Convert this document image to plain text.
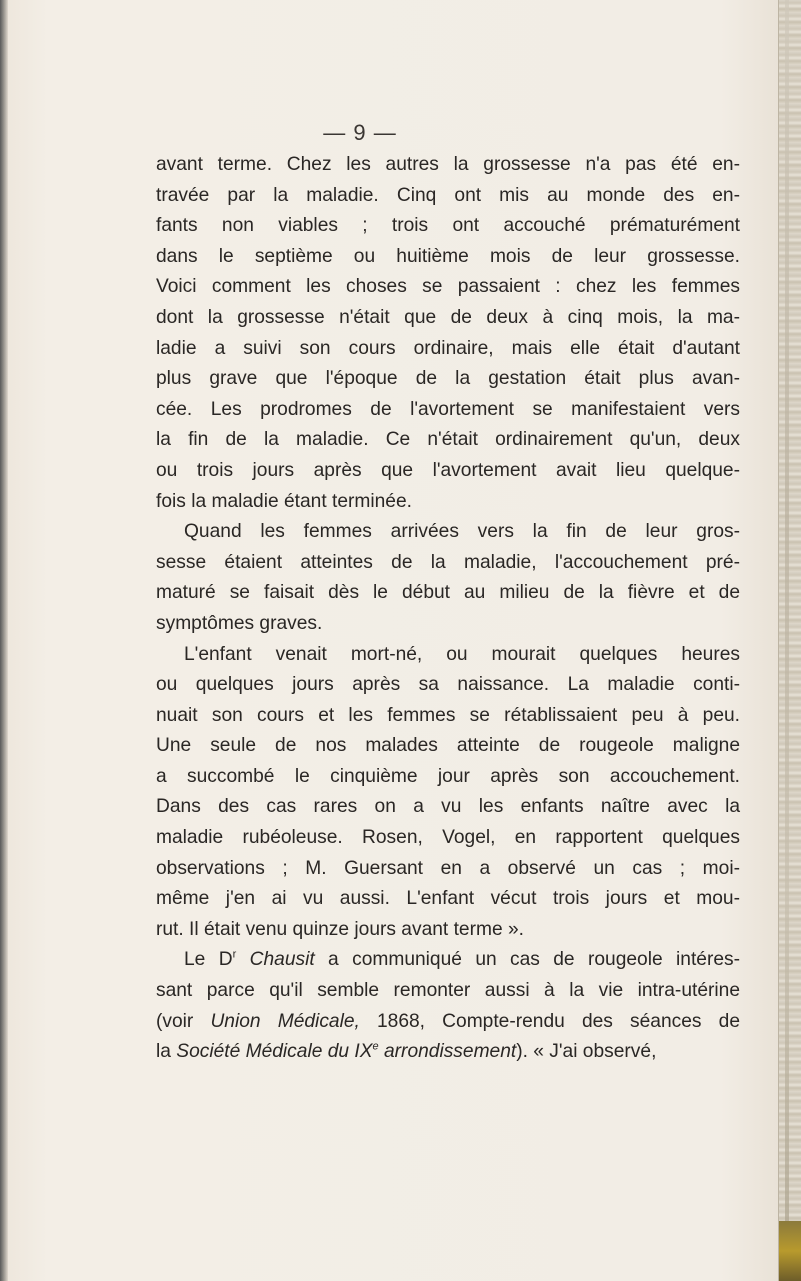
— 9 —
avant terme. Chez les autres la grossesse n'a pas été en-
travée par la maladie. Cinq ont mis au monde des en-
fants non viables ; trois ont accouché prématurément
dans le septième ou huitième mois de leur grossesse.
Voici comment les choses se passaient : chez les femmes
dont la grossesse n'était que de deux à cinq mois, la ma-
ladie a suivi son cours ordinaire, mais elle était d'autant
plus grave que l'époque de la gestation était plus avan-
cée. Les prodromes de l'avortement se manifestaient vers
la fin de la maladie. Ce n'était ordinairement qu'un, deux
ou trois jours après que l'avortement avait lieu quelque-
fois la maladie étant terminée.
Quand les femmes arrivées vers la fin de leur gros-
sesse étaient atteintes de la maladie, l'accouchement pré-
maturé se faisait dès le début au milieu de la fièvre et de
symptômes graves.
L'enfant venait mort-né, ou mourait quelques heures
ou quelques jours après sa naissance. La maladie conti-
nuait son cours et les femmes se rétablissaient peu à peu.
Une seule de nos malades atteinte de rougeole maligne
a succombé le cinquième jour après son accouchement.
Dans des cas rares on a vu les enfants naître avec la
maladie rubéoleuse. Rosen, Vogel, en rapportent quelques
observations ; M. Guersant en a observé un cas ; moi-
même j'en ai vu aussi. L'enfant vécut trois jours et mou-
rut. Il était venu quinze jours avant terme ».
Le $D^r$ Chausit a communiqué un cas de rougeole intéres-
sant parce qu'il semble remonter aussi à la vie intra-utérine
(voir Union Médicale, 1868, Compte-rendu des séances de
la Société Médicale du IXe arrondissement). « J'ai observé,
